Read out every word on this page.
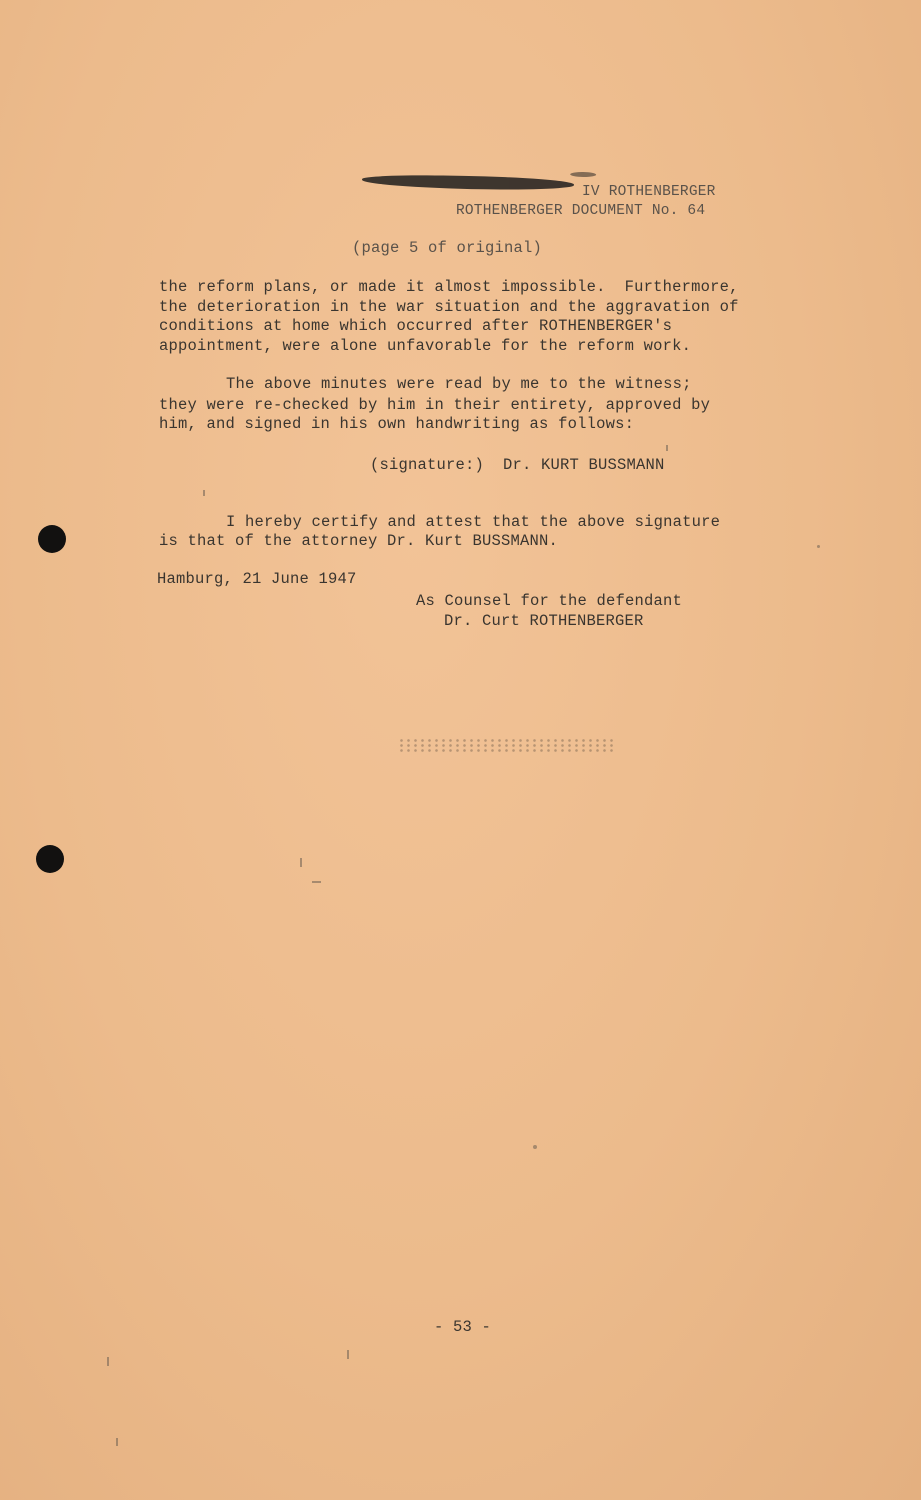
IV ROTHENBERGER
ROTHENBERGER DOCUMENT No. 64
(page 5 of original)
the reform plans, or made it almost impossible.  Furthermore,
the deterioration in the war situation and the aggravation of
conditions at home which occurred after ROTHENBERGER's
appointment, were alone unfavorable for the reform work.
The above minutes were read by me to the witness;
they were re-checked by him in their entirety, approved by
him, and signed in his own handwriting as follows:
(signature:)  Dr. KURT BUSSMANN
I hereby certify and attest that the above signature
is that of the attorney Dr. Kurt BUSSMANN.
Hamburg, 21 June 1947
As Counsel for the defendant
Dr. Curt ROTHENBERGER
- 53 -
